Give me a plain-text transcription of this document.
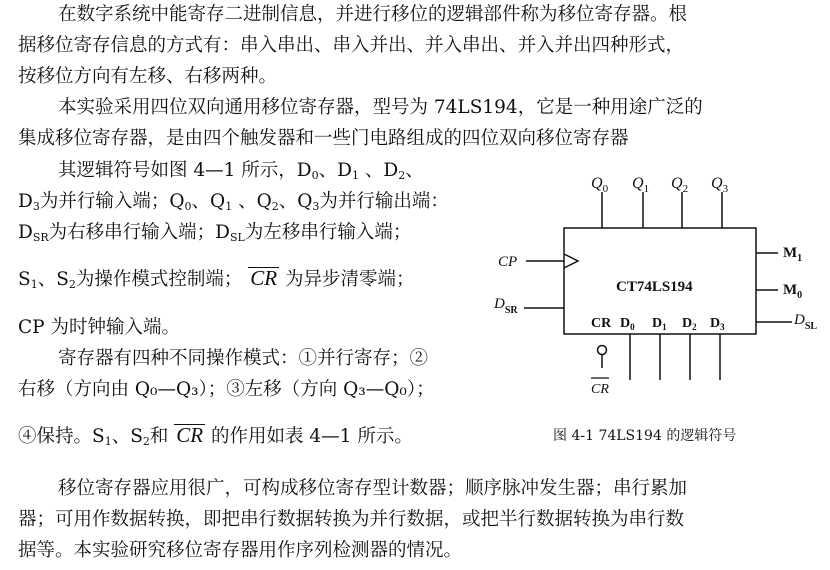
在数字系统中能寄存二进制信息，并进行移位的逻辑部件称为移位寄存器。根
据移位寄存信息的方式有：串入串出、串入并出、并入串出、并入并出四种形式，
按移位方向有左移、右移两种。
本实验采用四位双向通用移位寄存器，型号为 74LS194，它是一种用途广泛的
集成移位寄存器，是由四个触发器和一些门电路组成的四位双向移位寄存器
其逻辑符号如图 4—1 所示，$D_0$、$D_1$ 、$D_2$、
$D_3$为并行输入端；$Q_0$、$Q_1$ 、$Q_2$、$Q_3$为并行输出端：
$D_{SR}$为右移串行输入端；$D_{SL}$为左移串行输入端；
$S_1$、$S_2$为操作模式控制端； CR 为异步清零端；
CP 为时钟输入端。
寄存器有四种不同操作模式：①并行寄存；②
右移（方向由 Q₀—Q₃）；③左移（方向 Q₃—Q₀）；
④保持。$S_1$、$S_2$和 CR 的作用如表 4—1 所示。
$Q_0$ $Q_1$ $Q_2$ $Q_3$
$M_1$
$M_0$
$D_{SL}$
CP
$D_{SR}$
CT74LS194
CR $D_0$ $D_1$ $D_2$ $D_3$
CR
图 4-1 74LS194 的逻辑符号
移位寄存器应用很广，可构成移位寄存型计数器；顺序脉冲发生器；串行累加
器；可用作数据转换，即把串行数据转换为并行数据，或把半行数据转换为串行数
据等。本实验研究移位寄存器用作序列检测器的情况。
